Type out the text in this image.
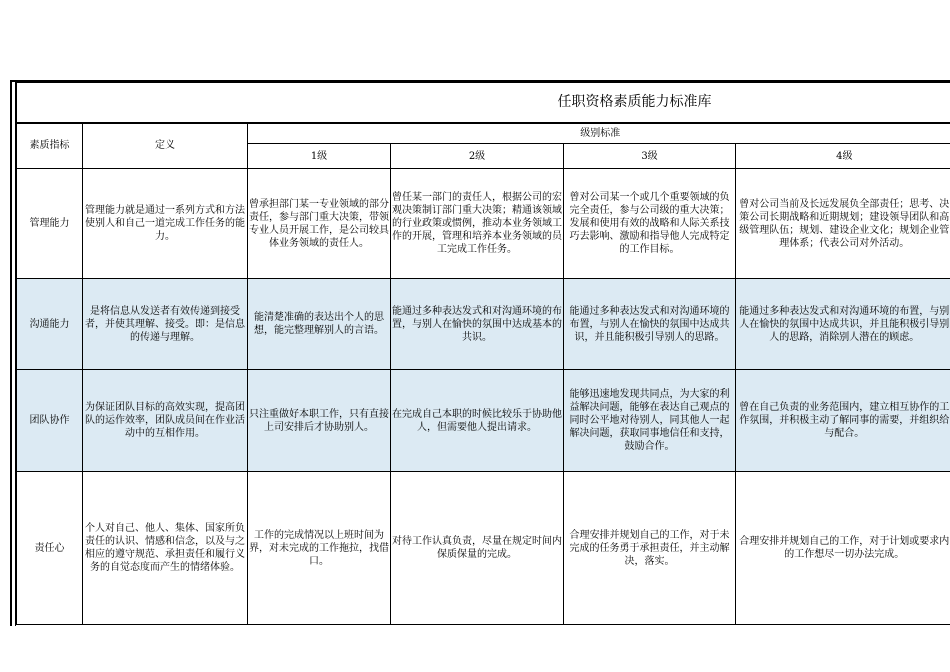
任职资格素质能力标准库					
素质指标	定义	级别标准			
		1级	2级	3级	4级
管理能力	管理能力就是通过一系列方式和方法使别人和自己一道完成工作任务的能力。	曾承担部门某一专业领域的部分责任，参与部门重大决策，带领专业人员开展工作，是公司较具体业务领域的责任人。	曾任某一部门的责任人，根据公司的宏观决策制订部门重大决策；精通该领域的行业政策或惯例，推动本业务领域工作的开展，管理和培养本业务领域的员工完成工作任务。	曾对公司某一个或几个重要领域的负完全责任，参与公司级的重大决策；发展和使用有效的战略和人际关系技巧去影响、激励和指导他人完成特定的工作目标。	曾对公司当前及长远发展负全部责任；思考、决策公司长期战略和近期规划；建设领导团队和高级管理队伍；规划、建设企业文化；规划企业管理体系；代表公司对外活动。

沟通能力	是将信息从发送者有效传递到接受者，并使其理解、接受。即：是信息的传递与理解。	能清楚准确的表达出个人的思想，能完整理解别人的言语。	能通过多种表达发式和对沟通环境的布置，与别人在愉快的氛围中达成基本的共识。	能通过多种表达发式和对沟通环境的布置，与别人在愉快的氛围中达成共识，并且能积极引导别人的思路。	能通过多种表达发式和对沟通环境的布置，与别人在愉快的氛围中达成共识，并且能积极引导别人的思路，消除别人潜在的顾虑。

团队协作	为保证团队目标的高效实现，提高团队的运作效率，团队成员间在作业活动中的互相作用。	只注重做好本职工作，只有直接上司安排后才协助别人。	在完成自己本职的时候比较乐于协助他人，但需要他人提出请求。	能够迅速地发现共同点，为大家的利益解决问题，能够在表达自己观点的同时公平地对待别人，同其他人一起解决问题，获取同事地信任和支持，鼓励合作。	曾在自己负责的业务范围内，建立相互协作的工作氛围，并积极主动了解同事的需要，并组织给与配合。

责任心	个人对自己、他人、集体、国家所负责任的认识、情感和信念，以及与之相应的遵守规范、承担责任和履行义务的自觉态度而产生的情绪体验。	工作的完成情况以上班时间为界，对未完成的工作拖拉，找借口。	对待工作认真负责，尽量在规定时间内保质保量的完成。	合理安排并规划自己的工作，对于未完成的任务勇于承担责任，并主动解决，落实。	合理安排并规划自己的工作，对于计划或要求内的工作想尽一切办法完成。
